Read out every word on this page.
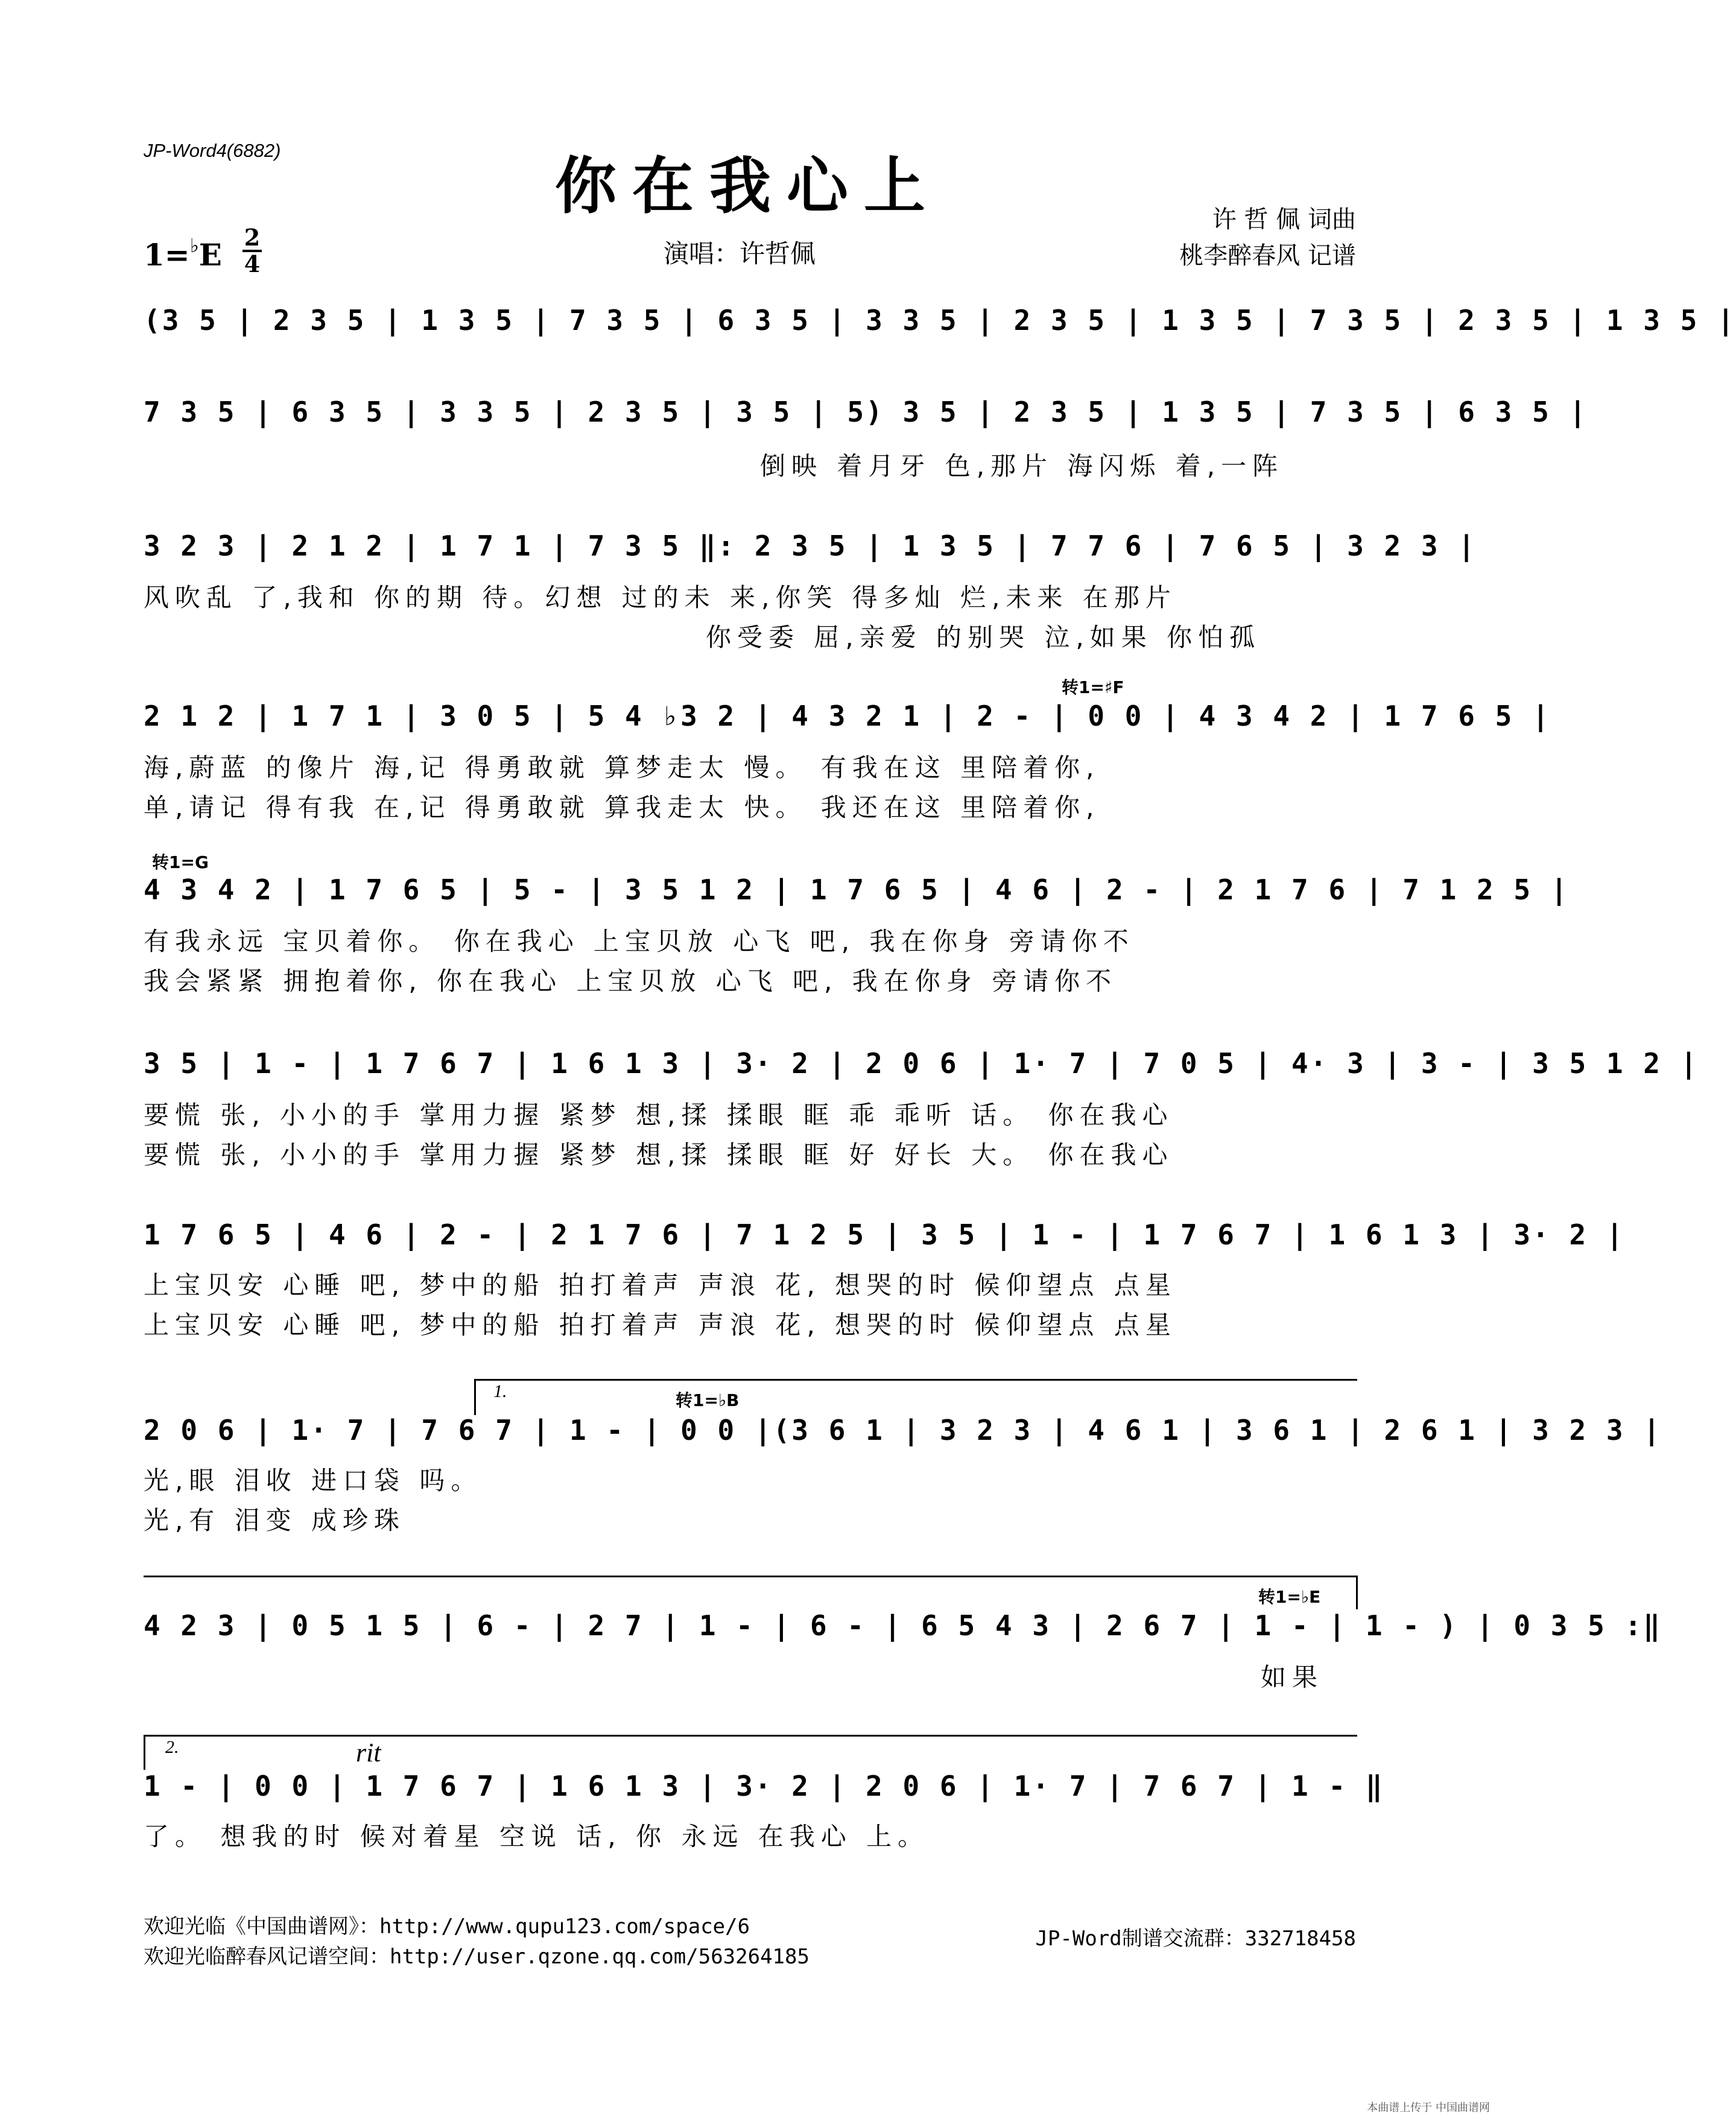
JP-Word4(6882)	你在我心上
1=♭E 2
4	演唱：许哲佩
许 哲 佩 词曲
桃李醉春风 记谱
(3 5 | 2 3 5 | 1 3 5 | 7 3 5 | 6 3 5 | 3 3 5 | 2 3 5 | 1 3 5 | 7 3 5 | 2 3 5 | 1 3 5 |
7 3 5 | 6 3 5 | 3 3 5 | 2 3 5 | 3 5 | 5) 3 5 | 2 3 5 | 1 3 5 | 7 3 5 | 6 3 5 |
倒映 着月牙 色,那片 海闪烁 着,一阵
3 2 3 | 2 1 2 | 1 7 1 | 7 3 5 ‖: 2 3 5 | 1 3 5 | 7 7 6 | 7 6 5 | 3 2 3 |
风吹乱 了,我和 你的期 待。幻想 过的未 来,你笑 得多灿 烂,未来 在那片
你受委 屈,亲爱 的别哭 泣,如果 你怕孤
转1=♯F
2 1 2 | 1 7 1 | 3 0 5 | 5 4 ♭3 2 | 4 3 2 1 | 2 - | 0 0 | 4 3 4 2 | 1 7 6 5 |
海,蔚蓝 的像片 海,记 得勇敢就 算梦走太 慢。 有我在这 里陪着你,
单,请记 得有我 在,记 得勇敢就 算我走太 快。 我还在这 里陪着你,
转1=G
4 3 4 2 | 1 7 6 5 | 5 - | 3 5 1 2 | 1 7 6 5 | 4 6 | 2 - | 2 1 7 6 | 7 1 2 5 |
有我永远 宝贝着你。 你在我心 上宝贝放 心飞 吧, 我在你身 旁请你不
我会紧紧 拥抱着你, 你在我心 上宝贝放 心飞 吧, 我在你身 旁请你不
3 5 | 1 - | 1 7 6 7 | 1 6 1 3 | 3· 2 | 2 0 6 | 1· 7 | 7 0 5 | 4· 3 | 3 - | 3 5 1 2 |
要慌 张, 小小的手 掌用力握 紧梦 想,揉 揉眼 眶 乖 乖听 话。 你在我心
要慌 张, 小小的手 掌用力握 紧梦 想,揉 揉眼 眶 好 好长 大。 你在我心
1 7 6 5 | 4 6 | 2 - | 2 1 7 6 | 7 1 2 5 | 3 5 | 1 - | 1 7 6 7 | 1 6 1 3 | 3· 2 |
上宝贝安 心睡 吧, 梦中的船 拍打着声 声浪 花, 想哭的时 候仰望点 点星
上宝贝安 心睡 吧, 梦中的船 拍打着声 声浪 花, 想哭的时 候仰望点 点星
1.	转1=♭B
2 0 6 | 1· 7 | 7 6 7 | 1 - | 0 0 |(3 6 1 | 3 2 3 | 4 6 1 | 3 6 1 | 2 6 1 | 3 2 3 |
光,眼 泪收 进口袋 吗。
光,有 泪变 成珍珠
转1=♭E
4 2 3 | 0 5 1 5 | 6 - | 2 7 | 1 - | 6 - | 6 5 4 3 | 2 6 7 | 1 - | 1 - ) | 0 3 5 :‖
如果
2.	rit
1 - | 0 0 | 1 7 6 7 | 1 6 1 3 | 3· 2 | 2 0 6 | 1· 7 | 7 6 7 | 1 - ‖
了。 想我的时 候对着星 空说 话, 你 永远 在我心 上。
欢迎光临《中国曲谱网》：http://www.qupu123.com/space/6
欢迎光临醉春风记谱空间：http://user.qzone.qq.com/563264185
JP-Word制谱交流群：332718458
本曲谱上传于 中国曲谱网
